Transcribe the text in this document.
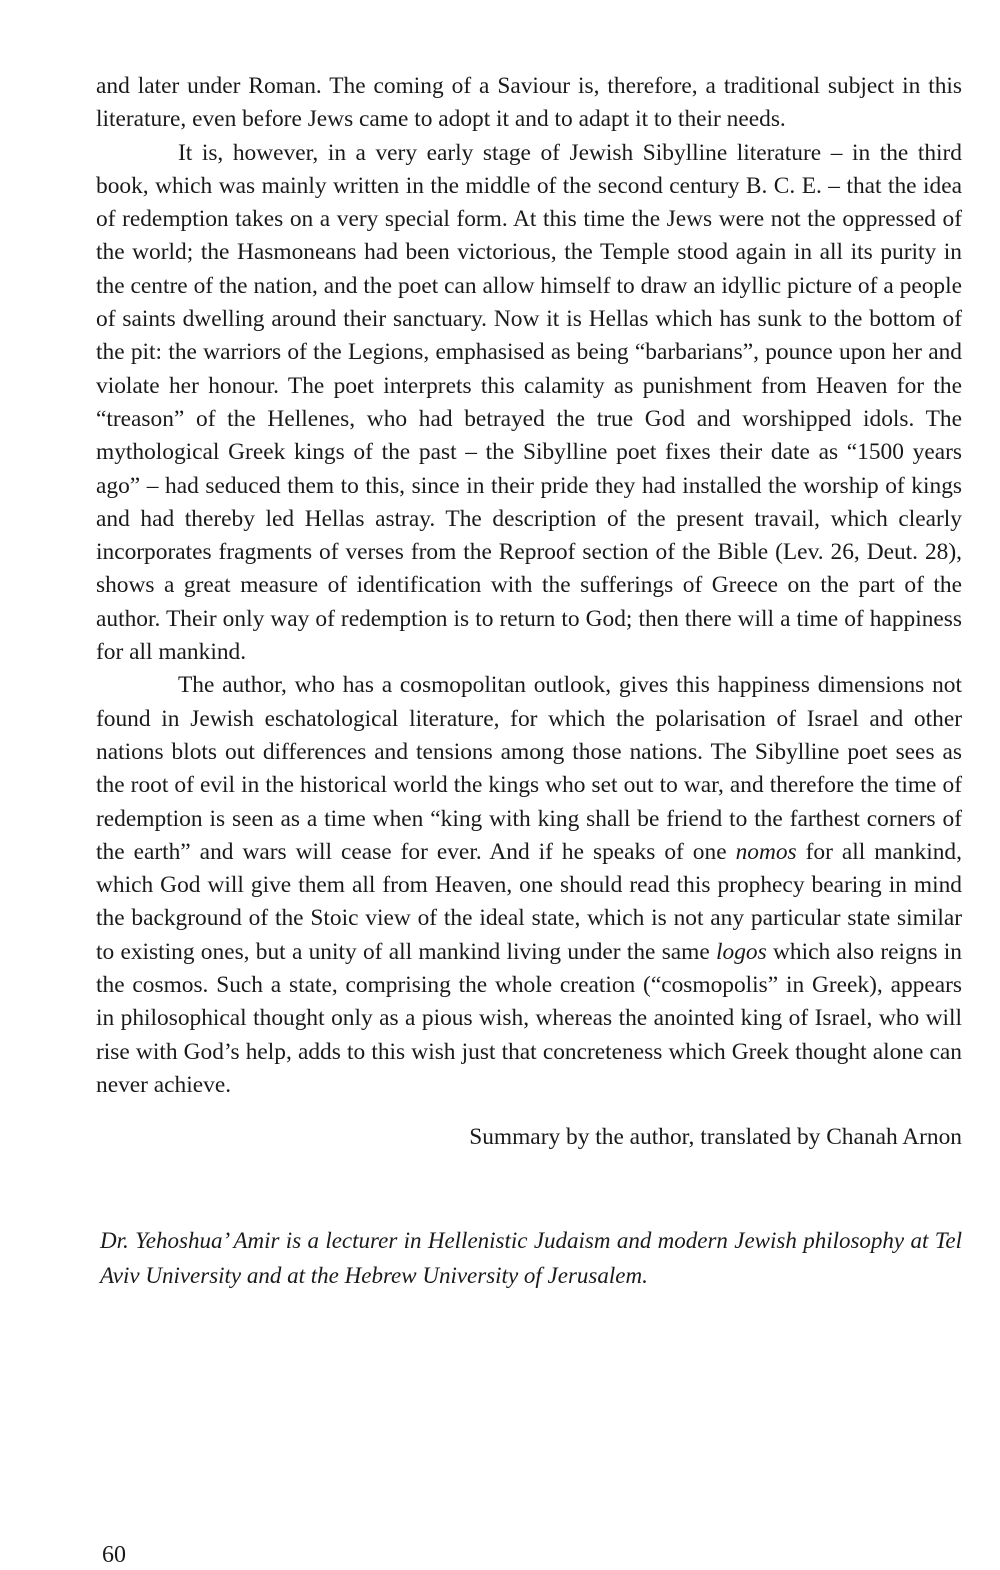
and later under Roman. The coming of a Saviour is, therefore, a traditional subject in this literature, even before Jews came to adopt it and to adapt it to their needs.

It is, however, in a very early stage of Jewish Sibylline literature – in the third book, which was mainly written in the middle of the second century B. C. E. – that the idea of redemption takes on a very special form. At this time the Jews were not the oppressed of the world; the Hasmoneans had been victorious, the Temple stood again in all its purity in the centre of the nation, and the poet can allow himself to draw an idyllic picture of a people of saints dwelling around their sanctuary. Now it is Hellas which has sunk to the bottom of the pit: the warriors of the Legions, emphasised as being “barbarians”, pounce upon her and violate her honour. The poet interprets this calamity as punishment from Heaven for the “treason” of the Hellenes, who had betrayed the true God and worshipped idols. The mythological Greek kings of the past – the Sibylline poet fixes their date as “1500 years ago” – had seduced them to this, since in their pride they had installed the worship of kings and had thereby led Hellas astray. The description of the present travail, which clearly incorporates fragments of verses from the Reproof section of the Bible (Lev. 26, Deut. 28), shows a great measure of identification with the sufferings of Greece on the part of the author. Their only way of redemption is to return to God; then there will a time of happiness for all mankind.

The author, who has a cosmopolitan outlook, gives this happiness dimensions not found in Jewish eschatological literature, for which the polarisation of Israel and other nations blots out differences and tensions among those nations. The Sibylline poet sees as the root of evil in the historical world the kings who set out to war, and therefore the time of redemption is seen as a time when “king with king shall be friend to the farthest corners of the earth” and wars will cease for ever. And if he speaks of one nomos for all mankind, which God will give them all from Heaven, one should read this prophecy bearing in mind the background of the Stoic view of the ideal state, which is not any particular state similar to existing ones, but a unity of all mankind living under the same logos which also reigns in the cosmos. Such a state, comprising the whole creation (“cosmopolis” in Greek), appears in philosophical thought only as a pious wish, whereas the anointed king of Israel, who will rise with God’s help, adds to this wish just that concreteness which Greek thought alone can never achieve.

Summary by the author, translated by Chanah Arnon

Dr. Yehoshua’ Amir is a lecturer in Hellenistic Judaism and modern Jewish philosophy at Tel Aviv University and at the Hebrew University of Jerusalem.

60
